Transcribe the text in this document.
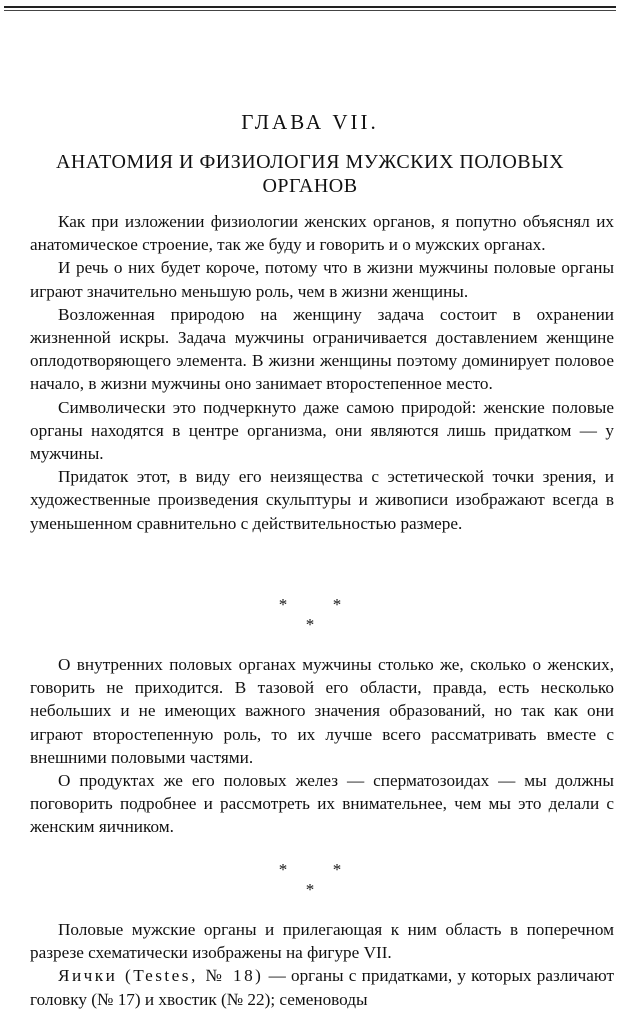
ГЛАВА VII.
АНАТОМИЯ И ФИЗИОЛОГИЯ МУЖСКИХ ПОЛОВЫХ ОРГАНОВ

Как при изложении физиологии женских органов, я попутно объяснял их анатомическое строение, так же буду и говорить и о мужских органах.

И речь о них будет короче, потому что в жизни мужчины половые органы играют значительно меньшую роль, чем в жизни женщины.

Возложенная природою на женщину задача состоит в охранении жизненной искры. Задача мужчины ограничивается доставлением женщине оплодотворяющего элемента. В жизни женщины поэтому доминирует половое начало, в жизни мужчины оно занимает второстепенное место.

Символически это подчеркнуто даже самою природой: женские половые органы находятся в центре организма, они являются лишь придатком — у мужчины.

Придаток этот, в виду его неизящества с эстетической точки зрения, и художественные произведения скульптуры и живописи изображают всегда в уменьшенном сравнительно с действительностью размере.

*	*
*

О внутренних половых органах мужчины столько же, сколько о женских, говорить не приходится. В тазовой его области, правда, есть несколько небольших и не имеющих важного значения образований, но так как они играют второстепенную роль, то их лучше всего рассматривать вместе с внешними половыми частями.

О продуктах же его половых желез — сперматозоидах — мы должны поговорить подробнее и рассмотреть их внимательнее, чем мы это делали с женским яичником.

*	*
*

Половые мужские органы и прилегающая к ним область в поперечном разрезе схематически изображены на фигуре VII.

Яички (Testes, № 18) — органы с придатками, у которых различают головку (№ 17) и хвостик (№ 22); семеноводы
